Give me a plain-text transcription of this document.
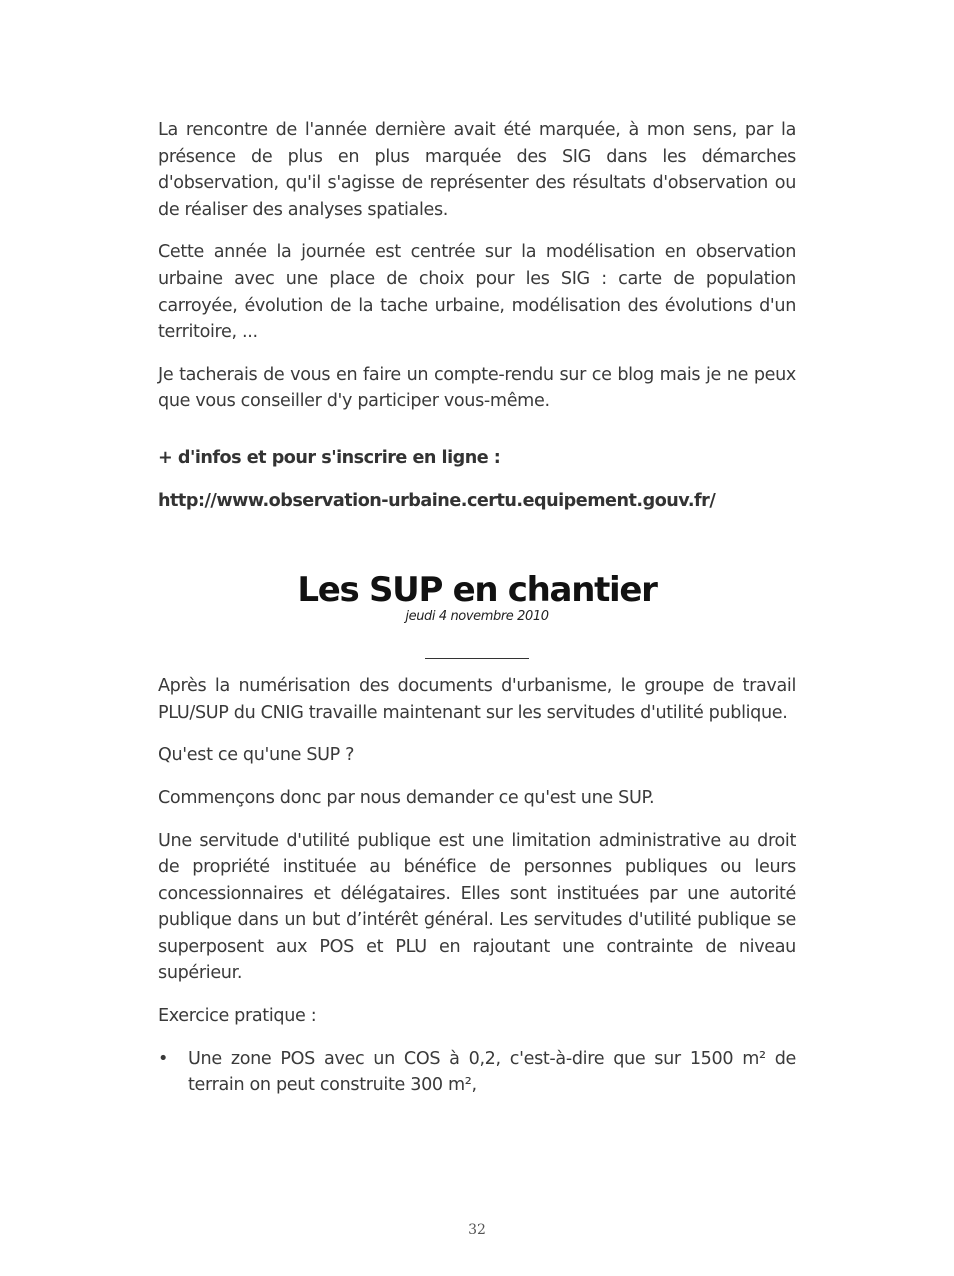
La rencontre de l'année dernière avait été marquée, à mon sens, par la présence de plus en plus marquée des SIG dans les démarches d'observation, qu'il s'agisse de représenter des résultats d'observation ou de réaliser des analyses spatiales.

Cette année la journée est centrée sur la modélisation en observation urbaine avec une place de choix pour les SIG : carte de population carroyée, évolution de la tache urbaine, modélisation des évolutions d'un territoire, ...

Je tacherais de vous en faire un compte-rendu sur ce blog mais je ne peux que vous conseiller d'y participer vous-même.

+ d'infos et pour s'inscrire en ligne :

http://www.observation-urbaine.certu.equipement.gouv.fr/

Les SUP en chantier

jeudi 4 novembre 2010

Après la numérisation des documents d'urbanisme, le groupe de travail PLU/SUP du CNIG travaille maintenant sur les servitudes d'utilité publique.

Qu'est ce qu'une SUP ?

Commençons donc par nous demander ce qu'est une SUP.

Une servitude d'utilité publique est une limitation administrative au droit de propriété instituée au bénéfice de personnes publiques ou leurs concessionnaires et délégataires. Elles sont instituées par une autorité publique dans un but d’intérêt général. Les servitudes d'utilité publique se superposent aux POS et PLU en rajoutant une contrainte de niveau supérieur.

Exercice pratique :

• Une zone POS avec un COS à 0,2, c'est-à-dire que sur 1500 m² de terrain on peut construite 300 m²,
32
